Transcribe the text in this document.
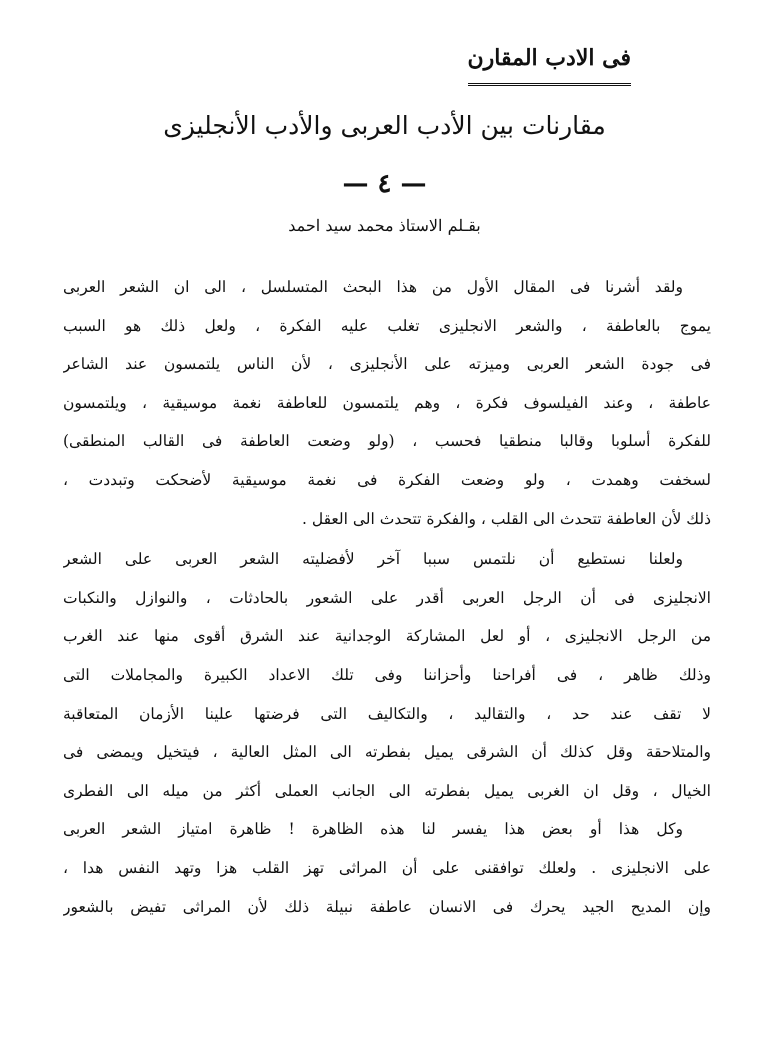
فى الادب المقارن
مقارنات بين الأدب العربى والأدب الأنجليزى
— ٤ —
بقـلم الاستاذ محمد سيد احمد
ولقد أشرنا فى المقال الأول من هذا البحث المتسلسل ، الى ان الشعر العربى
يموج بالعاطفة ، والشعر الانجليزى تغلب عليه الفكرة ، ولعل ذلك هو السبب
فى جودة الشعر العربى وميزته على الأنجليزى ، لأن الناس يلتمسون عند الشاعر
عاطفة ، وعند الفيلسوف فكرة ، وهم يلتمسون للعاطفة نغمة موسيقية ، ويلتمسون
للفكرة أسلوبا وقالبا منطقيا فحسب ، (ولو وضعت العاطفة فى القالب المنطقى)
لسخفت وهمدت ، ولو وضعت الفكرة فى نغمة موسيقية لأضحكت وتبددت ،
ذلك لأن العاطفة تتحدث الى القلب ، والفكرة تتحدث الى العقل .
ولعلنا نستطيع أن نلتمس سببا آخر لأفضليته الشعر العربى على الشعر
الانجليزى فى أن الرجل العربى أقدر على الشعور بالحادثات ، والنوازل والنكبات
من الرجل الانجليزى ، أو لعل المشاركة الوجدانية عند الشرق أقوى منها عند الغرب
وذلك ظاهر ، فى أفراحنا وأحزاننا وفى تلك الاعداد الكبيرة والمجاملات التى
لا تقف عند حد ، والتقاليد ، والتكاليف التى فرضتها علينا الأزمان المتعاقبة
والمتلاحقة وقل كذلك أن الشرقى يميل بفطرته الى المثل العالية ، فيتخيل ويمضى فى
الخيال ، وقل ان الغربى يميل بفطرته الى الجانب العملى أكثر من ميله الى الفطرى
وكل هذا أو بعض هذا يفسر لنا هذه الظاهرة ! ظاهرة امتياز الشعر العربى
على الانجليزى . ولعلك توافقنى على أن المراثى تهز القلب هزا وتهد النفس هدا ،
وإن المديح الجيد يحرك فى الانسان عاطفة نبيلة ذلك لأن المراثى تفيض بالشعور
